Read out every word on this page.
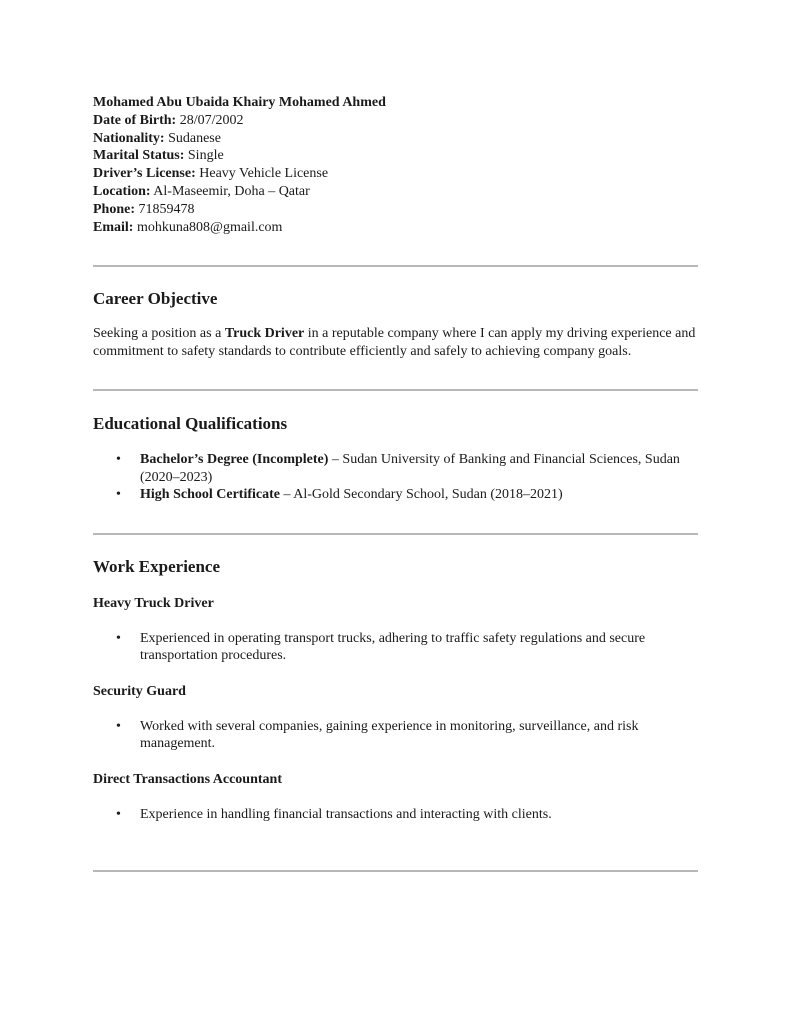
Mohamed Abu Ubaida Khairy Mohamed Ahmed
Date of Birth: 28/07/2002
Nationality: Sudanese
Marital Status: Single
Driver’s License: Heavy Vehicle License
Location: Al-Maseemir, Doha – Qatar
Phone: 71859478
Email: mohkuna808@gmail.com
Career Objective

Seeking a position as a Truck Driver in a reputable company where I can apply my driving experience and commitment to safety standards to contribute efficiently and safely to achieving company goals.

Educational Qualifications
• Bachelor’s Degree (Incomplete) – Sudan University of Banking and Financial Sciences, Sudan (2020–2023)
• High School Certificate – Al-Gold Secondary School, Sudan (2018–2021)
Work Experience
Heavy Truck Driver
• Experienced in operating transport trucks, adhering to traffic safety regulations and secure transportation procedures.
Security Guard
• Worked with several companies, gaining experience in monitoring, surveillance, and risk management.
Direct Transactions Accountant
• Experience in handling financial transactions and interacting with clients.
